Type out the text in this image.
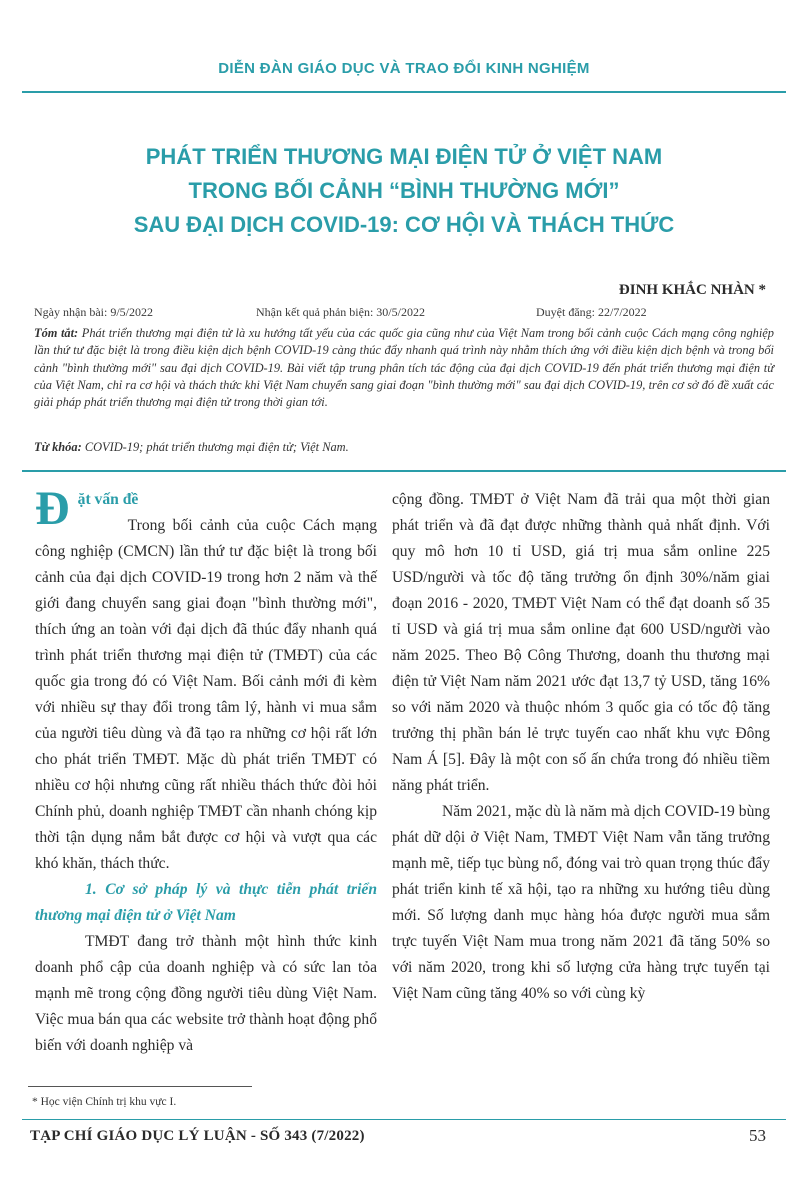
DIỄN ĐÀN GIÁO DỤC VÀ TRAO ĐỔI KINH NGHIỆM
PHÁT TRIỂN THƯƠNG MẠI ĐIỆN TỬ Ở VIỆT NAM
TRONG BỐI CẢNH “BÌNH THƯỜNG MỚI”
SAU ĐẠI DỊCH COVID-19: CƠ HỘI VÀ THÁCH THỨC
ĐINH KHẮC NHÀN *
Ngày nhận bài: 9/5/2022	Nhận kết quả phản biện: 30/5/2022	Duyệt đăng: 22/7/2022
Tóm tắt: Phát triển thương mại điện tử là xu hướng tất yếu của các quốc gia cũng như của Việt Nam trong bối cảnh cuộc Cách mạng công nghiệp lần thứ tư đặc biệt là trong điều kiện dịch bệnh COVID-19 càng thúc đẩy nhanh quá trình này nhằm thích ứng với điều kiện dịch bệnh và trong bối cảnh "bình thường mới" sau đại dịch COVID-19. Bài viết tập trung phân tích tác động của đại dịch COVID-19 đến phát triển thương mại điện tử của Việt Nam, chỉ ra cơ hội và thách thức khi Việt Nam chuyển sang giai đoạn "bình thường mới" sau đại dịch COVID-19, trên cơ sở đó đề xuất các giải pháp phát triển thương mại điện tử trong thời gian tới.
Từ khóa: COVID-19; phát triển thương mại điện tử; Việt Nam.

Đặt vấn đề

Trong bối cảnh của cuộc Cách mạng công nghiệp (CMCN) lần thứ tư đặc biệt là trong bối cảnh của đại dịch COVID-19 trong hơn 2 năm và thế giới đang chuyển sang giai đoạn "bình thường mới", thích ứng an toàn với đại dịch đã thúc đẩy nhanh quá trình phát triển thương mại điện tử (TMĐT) của các quốc gia trong đó có Việt Nam. Bối cảnh mới đi kèm với nhiều sự thay đổi trong tâm lý, hành vi mua sắm của người tiêu dùng và đã tạo ra những cơ hội rất lớn cho phát triển TMĐT. Mặc dù phát triển TMĐT có nhiều cơ hội nhưng cũng rất nhiều thách thức đòi hỏi Chính phủ, doanh nghiệp TMĐT cần nhanh chóng kịp thời tận dụng nắm bắt được cơ hội và vượt qua các khó khăn, thách thức.

1. Cơ sở pháp lý và thực tiễn phát triển thương mại điện tử ở Việt Nam

TMĐT đang trở thành một hình thức kinh doanh phổ cập của doanh nghiệp và có sức lan tỏa mạnh mẽ trong cộng đồng người tiêu dùng Việt Nam. Việc mua bán qua các website trở thành hoạt động phổ biến với doanh nghiệp và

cộng đồng. TMĐT ở Việt Nam đã trải qua một thời gian phát triển và đã đạt được những thành quả nhất định. Với quy mô hơn 10 tỉ USD, giá trị mua sắm online 225 USD/người và tốc độ tăng trưởng ổn định 30%/năm giai đoạn 2016 - 2020, TMĐT Việt Nam có thể đạt doanh số 35 tỉ USD và giá trị mua sắm online đạt 600 USD/người vào năm 2025. Theo Bộ Công Thương, doanh thu thương mại điện tử Việt Nam năm 2021 ước đạt 13,7 tỷ USD, tăng 16% so với năm 2020 và thuộc nhóm 3 quốc gia có tốc độ tăng trưởng thị phần bán lẻ trực tuyến cao nhất khu vực Đông Nam Á [5]. Đây là một con số ấn chứa trong đó nhiều tiềm năng phát triển.

Năm 2021, mặc dù là năm mà dịch COVID-19 bùng phát dữ dội ở Việt Nam, TMĐT Việt Nam vẫn tăng trưởng mạnh mẽ, tiếp tục bùng nổ, đóng vai trò quan trọng thúc đẩy phát triển kinh tế xã hội, tạo ra những xu hướng tiêu dùng mới. Số lượng danh mục hàng hóa được người mua sắm trực tuyến Việt Nam mua trong năm 2021 đã tăng 50% so với năm 2020, trong khi số lượng cửa hàng trực tuyến tại Việt Nam cũng tăng 40% so với cùng kỳ

* Học viện Chính trị khu vực I.
TẠP CHÍ GIÁO DỤC LÝ LUẬN - SỐ 343 (7/2022)	53
